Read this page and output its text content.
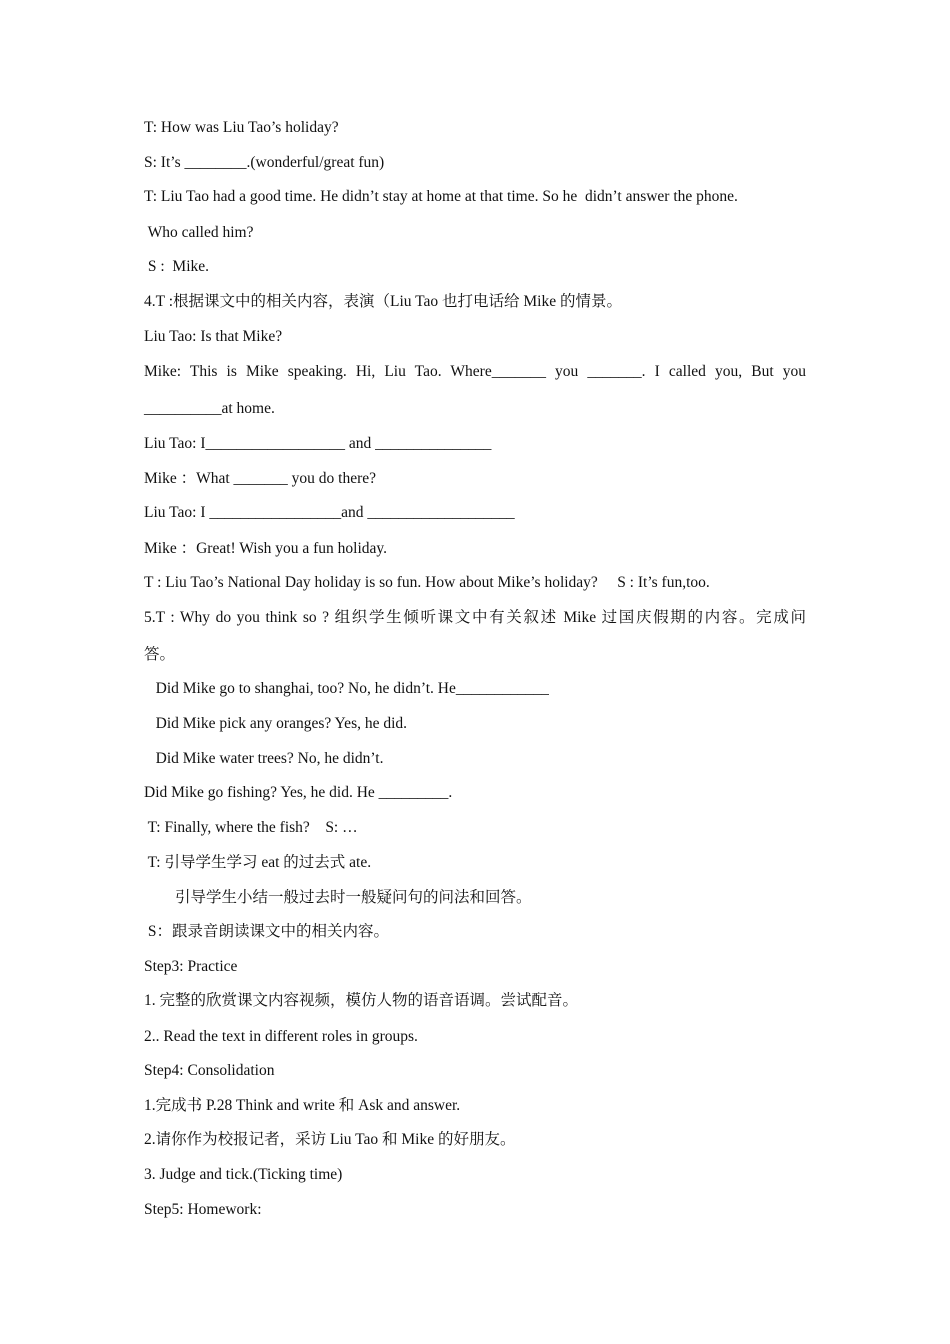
T: How was Liu Tao’s holiday?
S: It’s ________.(wonderful/great fun)
T: Liu Tao had a good time. He didn’t stay at home at that time. So he  didn’t answer the phone.
Who called him?
S :  Mike.
4.T :根据课文中的相关内容，表演（Liu Tao 也打电话给 Mike 的情景。
Liu Tao: Is that Mike?
Mike: This is Mike speaking. Hi, Liu Tao. Where_______ you _______. I called you, But you
__________at home.
Liu Tao: I__________________ and _______________
Mike ：What _______ you do there?
Liu Tao: I _________________and ___________________
Mike ：Great! Wish you a fun holiday.
T : Liu Tao’s National Day holiday is so fun. How about Mike’s holiday?     S : It’s fun,too.
5.T : Why do you think so ? 组织学生倾听课文中有关叙述 Mike 过国庆假期的内容。完成问
答。
Did Mike go to shanghai, too? No, he didn’t. He____________
Did Mike pick any oranges? Yes, he did.
Did Mike water trees? No, he didn’t.
Did Mike go fishing? Yes, he did. He _________.
T: Finally, where the fish?    S: …
T: 引导学生学习 eat 的过去式 ate.
引导学生小结一般过去时一般疑问句的问法和回答。
S：跟录音朗读课文中的相关内容。
Step3: Practice
1. 完整的欣赏课文内容视频，模仿人物的语音语调。尝试配音。
2.. Read the text in different roles in groups.
Step4: Consolidation
1.完成书 P.28 Think and write 和 Ask and answer.
2.请你作为校报记者，采访 Liu Tao 和 Mike 的好朋友。
3. Judge and tick.(Ticking time)
Step5: Homework:
